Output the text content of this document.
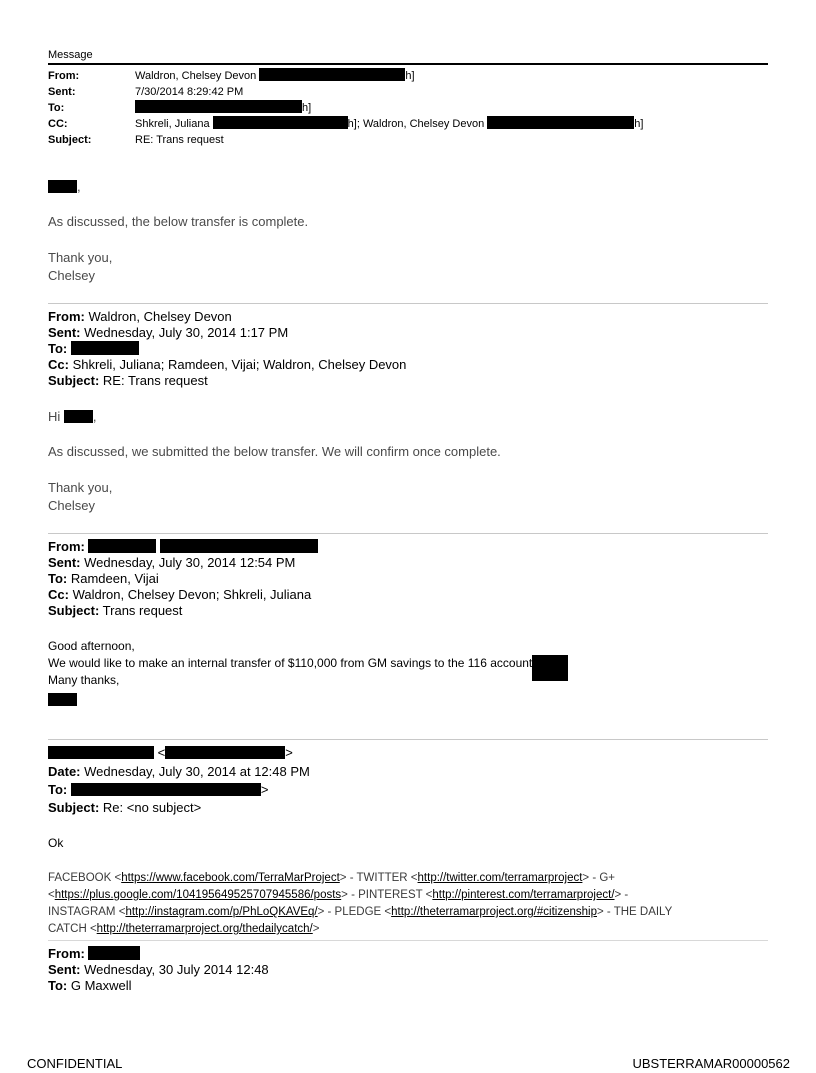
Message
From:	Waldron, Chelsey Devon	h]
Sent:	7/30/2014 8:29:42 PM
To:	h]
CC:	Shkreli, Juliana	h]; Waldron, Chelsey Devon	h]
Subject:	RE: Trans request
,
As discussed, the below transfer is complete.
Thank you,
Chelsey
From: Waldron, Chelsey Devon
Sent: Wednesday, July 30, 2014 1:17 PM
To:
Cc: Shkreli, Juliana; Ramdeen, Vijai; Waldron, Chelsey Devon
Subject: RE: Trans request
Hi	,
As discussed, we submitted the below transfer. We will confirm once complete.
Thank you,
Chelsey
From:
Sent: Wednesday, July 30, 2014 12:54 PM
To: Ramdeen, Vijai
Cc: Waldron, Chelsey Devon; Shkreli, Juliana
Subject: Trans request
Good afternoon,
We would like to make an internal transfer of $110,000 from GM savings to the 116 account
Many thanks,
<	>
Date: Wednesday, July 30, 2014 at 12:48 PM
To:	>
Subject: Re: <no subject>
Ok
FACEBOOK <https://www.facebook.com/TerraMarProject> - TWITTER <http://twitter.com/terramarproject> - G+
<https://plus.google.com/104195649525707945586/posts> - PINTEREST <http://pinterest.com/terramarproject/> -
INSTAGRAM <http://instagram.com/p/PhLoQKAVEq/> - PLEDGE <http://theterramarproject.org/#citizenship> - THE DAILY
CATCH <http://theterramarproject.org/thedailycatch/>
From:
Sent: Wednesday, 30 July 2014 12:48
To: G Maxwell
CONFIDENTIAL	UBSTERRAMAR00000562
